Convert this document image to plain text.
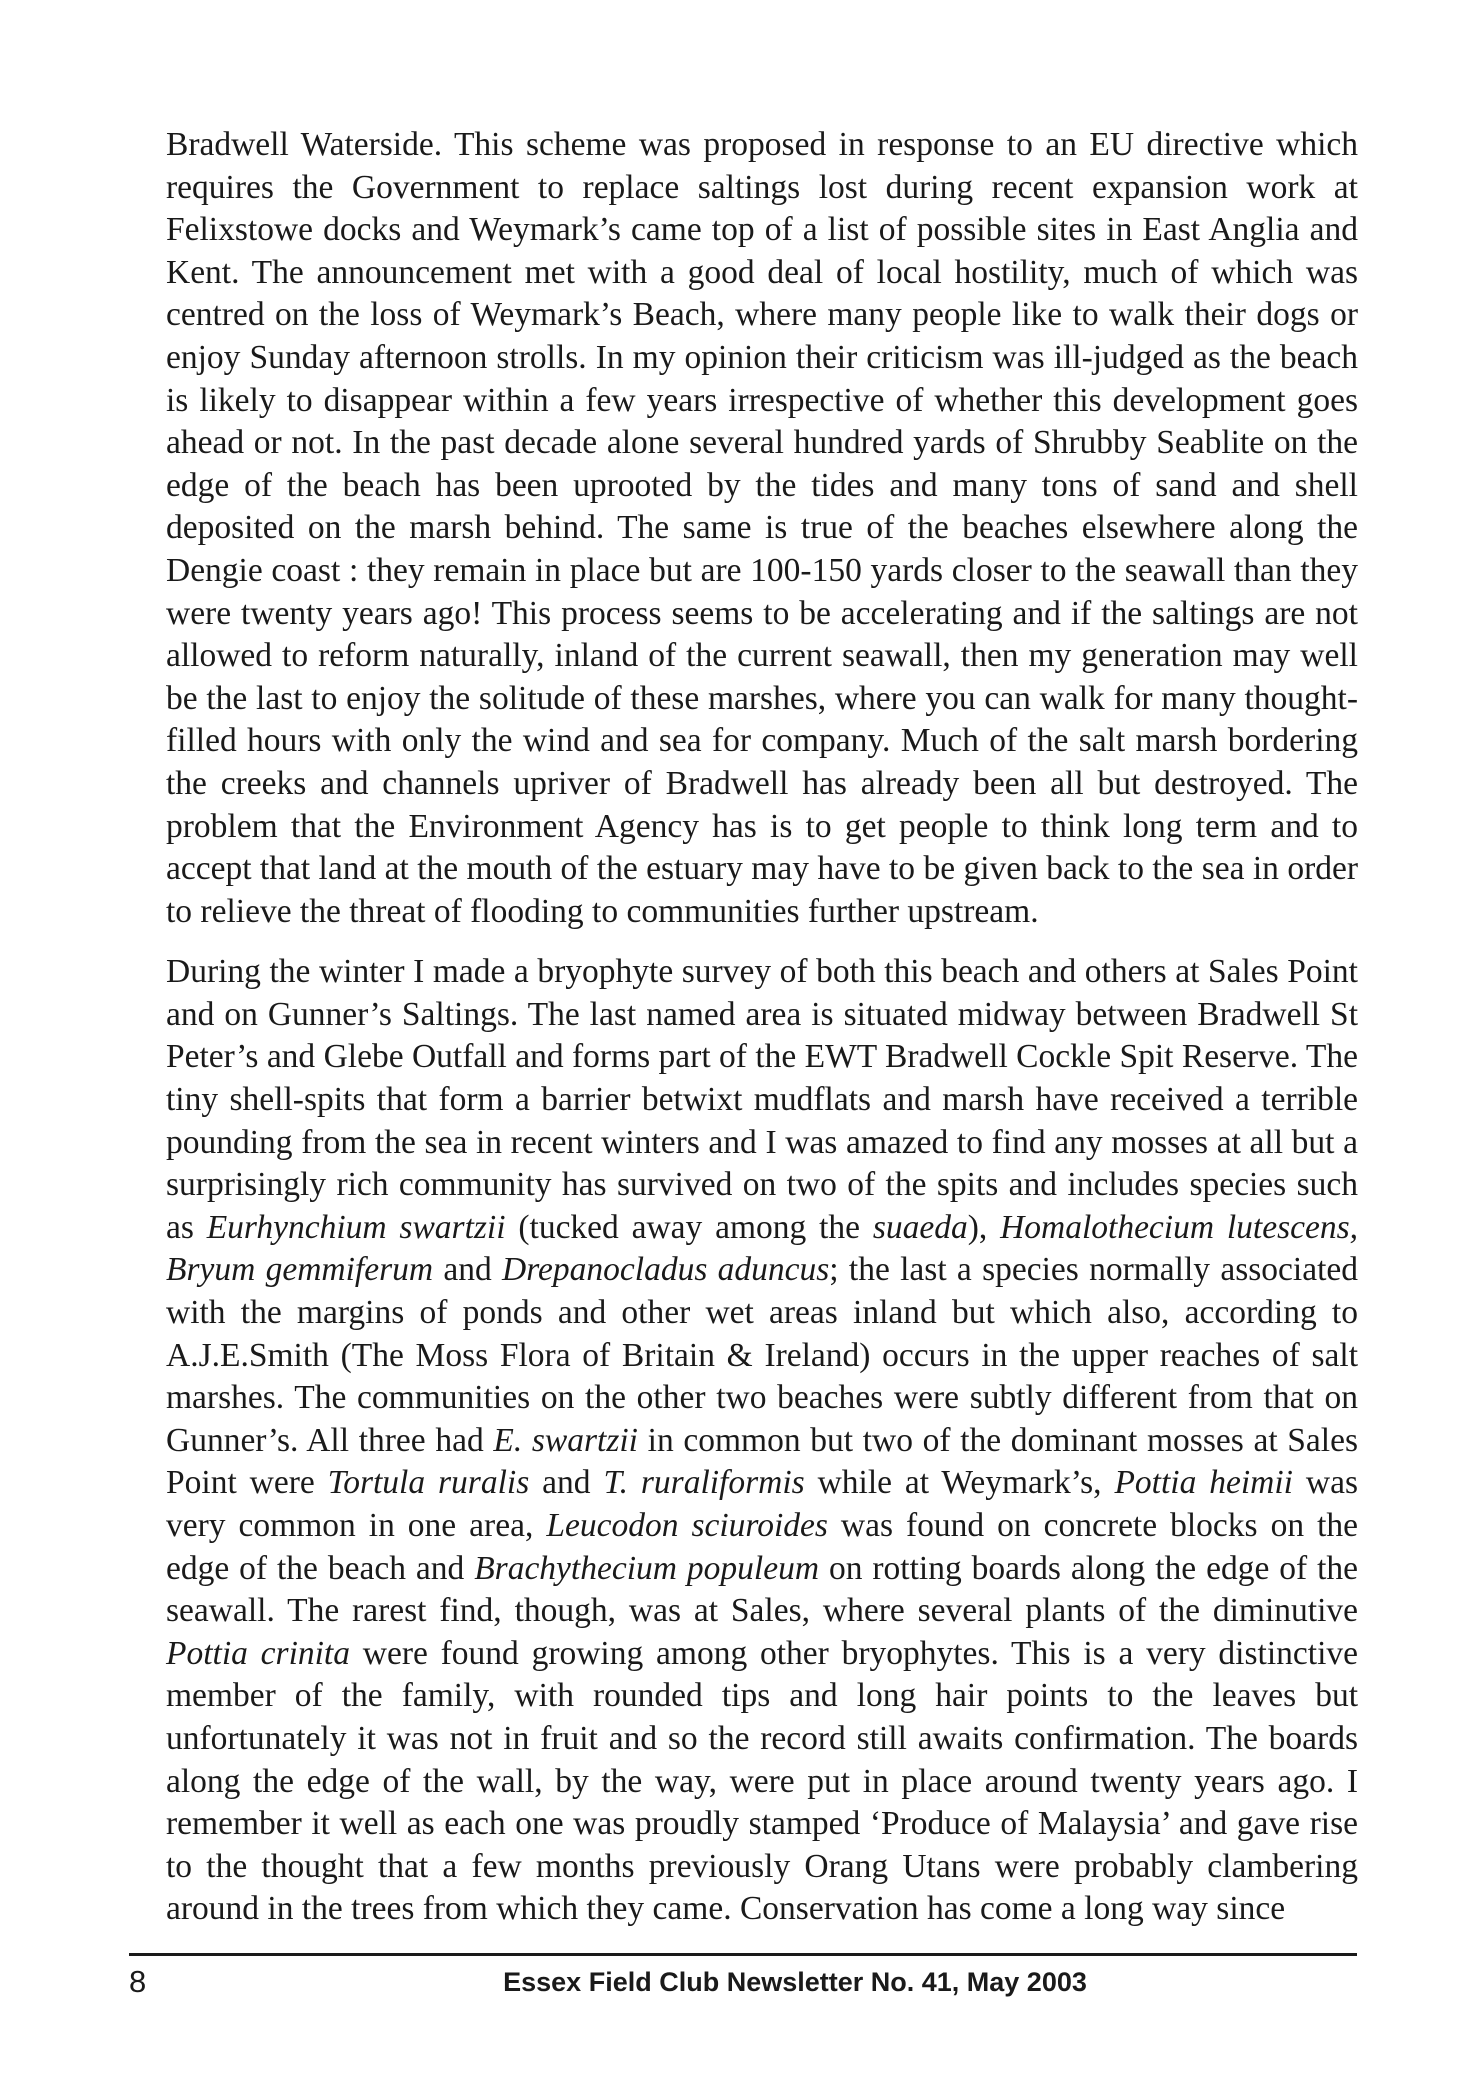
Bradwell Waterside. This scheme was proposed in response to an EU directive which requires the Government to replace saltings lost during recent expansion work at Felixstowe docks and Weymark’s came top of a list of possible sites in East Anglia and Kent. The announcement met with a good deal of local hostility, much of which was centred on the loss of Weymark’s Beach, where many people like to walk their dogs or enjoy Sunday afternoon strolls. In my opinion their criticism was ill-judged as the beach is likely to disappear within a few years irrespective of whether this development goes ahead or not. In the past decade alone several hundred yards of Shrubby Seablite on the edge of the beach has been uprooted by the tides and many tons of sand and shell deposited on the marsh behind. The same is true of the beaches elsewhere along the Dengie coast : they remain in place but are 100-150 yards closer to the seawall than they were twenty years ago! This process seems to be accelerating and if the saltings are not allowed to reform naturally, inland of the current seawall, then my generation may well be the last to enjoy the solitude of these marshes, where you can walk for many thought-filled hours with only the wind and sea for company. Much of the salt marsh bordering the creeks and channels upriver of Bradwell has already been all but destroyed. The problem that the Environment Agency has is to get people to think long term and to accept that land at the mouth of the estuary may have to be given back to the sea in order to relieve the threat of flooding to communities further upstream.

During the winter I made a bryophyte survey of both this beach and others at Sales Point and on Gunner’s Saltings. The last named area is situated midway between Bradwell St Peter’s and Glebe Outfall and forms part of the EWT Bradwell Cockle Spit Reserve. The tiny shell-spits that form a barrier betwixt mudflats and marsh have received a terrible pounding from the sea in recent winters and I was amazed to find any mosses at all but a surprisingly rich community has survived on two of the spits and includes species such as Eurhynchium swartzii (tucked away among the suaeda), Homalothecium lutescens, Bryum gemmiferum and Drepanocladus aduncus; the last a species normally associated with the margins of ponds and other wet areas inland but which also, according to A.J.E.Smith (The Moss Flora of Britain & Ireland) occurs in the upper reaches of salt marshes. The communities on the other two beaches were subtly different from that on Gunner’s. All three had E. swartzii in common but two of the dominant mosses at Sales Point were Tortula ruralis and T. ruraliformis while at Weymark’s, Pottia heimii was very common in one area, Leucodon sciuroides was found on concrete blocks on the edge of the beach and Brachythecium populeum on rotting boards along the edge of the seawall. The rarest find, though, was at Sales, where several plants of the diminutive Pottia crinita were found growing among other bryophytes. This is a very distinctive member of the family, with rounded tips and long hair points to the leaves but unfortunately it was not in fruit and so the record still awaits confirmation. The boards along the edge of the wall, by the way, were put in place around twenty years ago. I remember it well as each one was proudly stamped ‘Produce of Malaysia’ and gave rise to the thought that a few months previously Orang Utans were probably clambering around in the trees from which they came. Conservation has come a long way since

8	Essex Field Club Newsletter No. 41, May 2003
